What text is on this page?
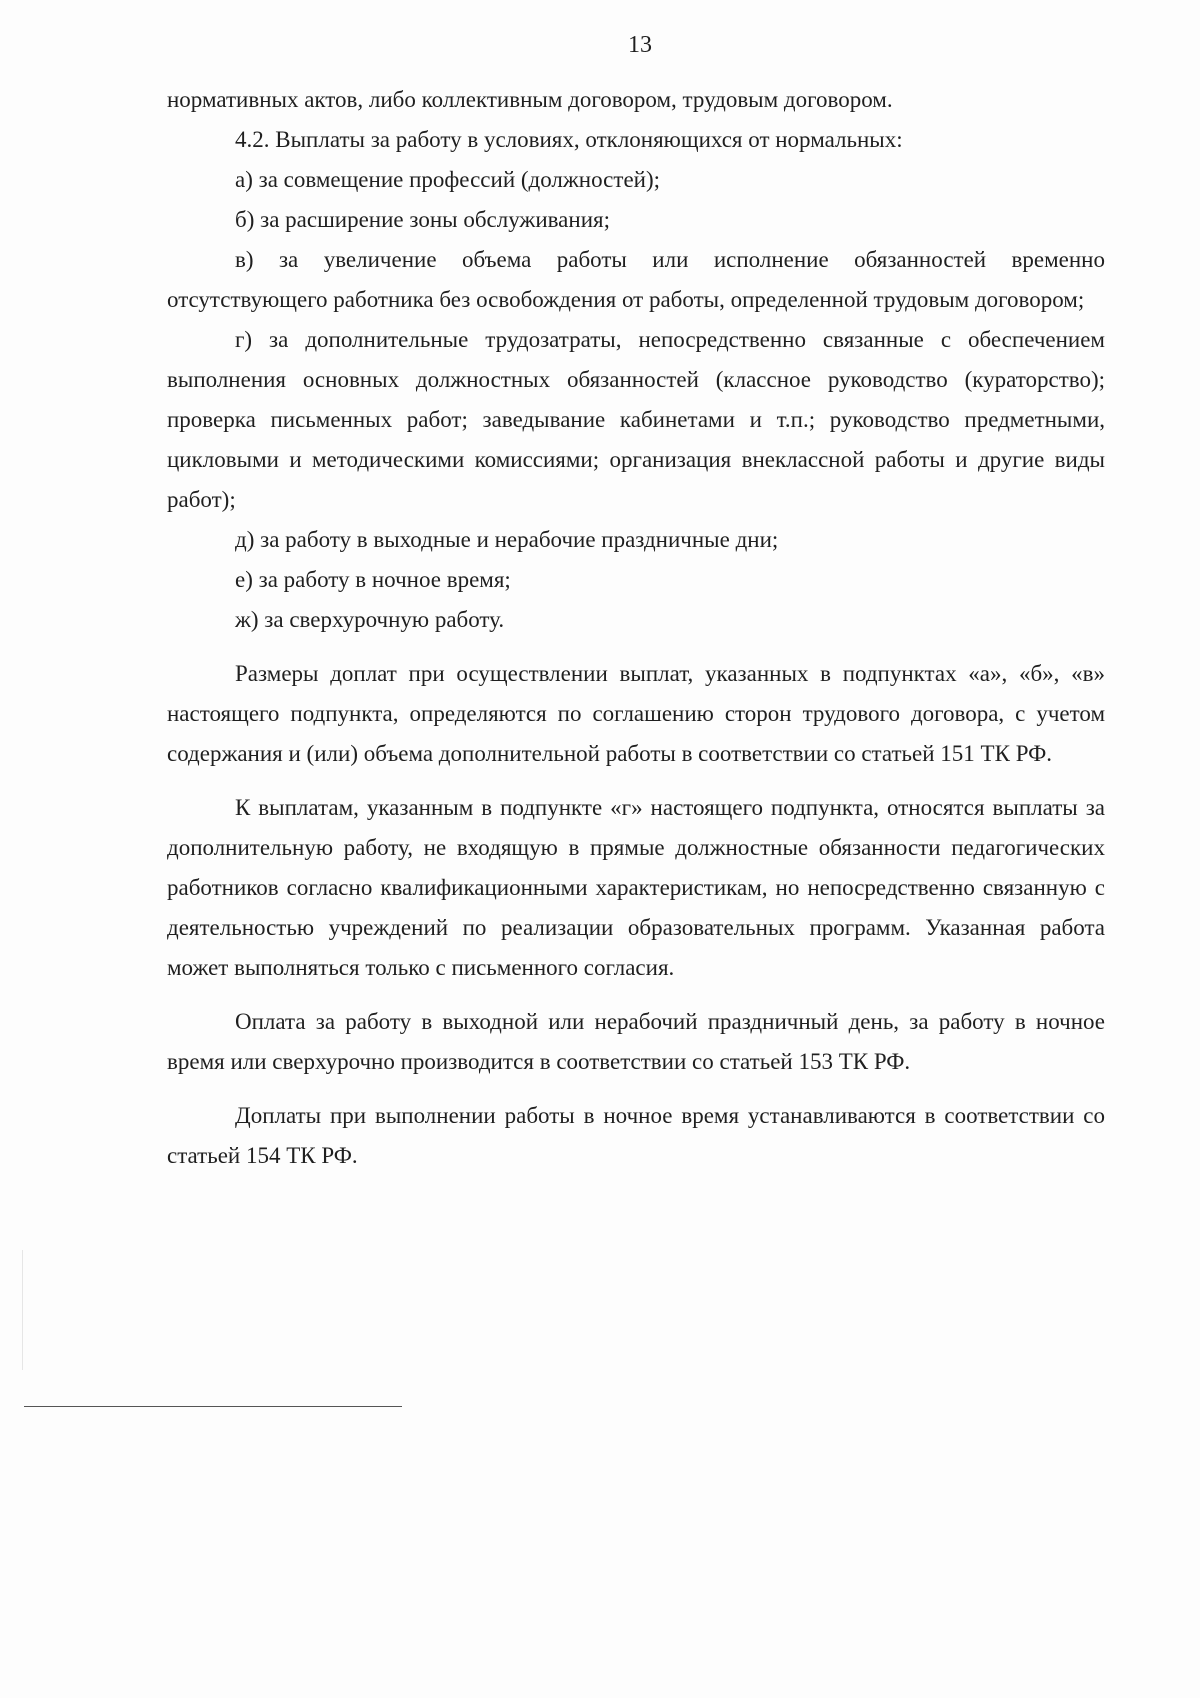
13

нормативных актов, либо коллективным договором, трудовым договором.

4.2. Выплаты за работу в условиях, отклоняющихся от нормальных:

а) за совмещение профессий (должностей);

б) за расширение зоны обслуживания;

в) за увеличение объема работы или исполнение обязанностей временно отсутствующего работника без освобождения от работы, определенной трудовым договором;

г) за дополнительные трудозатраты, непосредственно связанные с обеспечением выполнения основных должностных обязанностей (классное руководство (кураторство); проверка письменных работ; заведывание кабинетами и т.п.; руководство предметными, цикловыми и методическими комиссиями; организация внеклассной работы и другие виды работ);

д) за работу в выходные и нерабочие праздничные дни;

е) за работу в ночное время;

ж) за сверхурочную работу.

Размеры доплат при осуществлении выплат, указанных в подпунктах «а», «б», «в» настоящего подпункта, определяются по соглашению сторон трудового договора, с учетом содержания и (или) объема дополнительной работы в соответствии со статьей 151 ТК РФ.

К выплатам, указанным в подпункте «г» настоящего подпункта, относятся выплаты за дополнительную работу, не входящую в прямые должностные обязанности педагогических работников согласно квалификационными характеристикам, но непосредственно связанную с деятельностью учреждений по реализации образовательных программ. Указанная работа может выполняться только с письменного согласия.

Оплата за работу в выходной или нерабочий праздничный день, за работу в ночное время или сверхурочно производится в соответствии со статьей 153 ТК РФ.

Доплаты при выполнении работы в ночное время устанавливаются в соответствии со статьей 154 ТК РФ.
